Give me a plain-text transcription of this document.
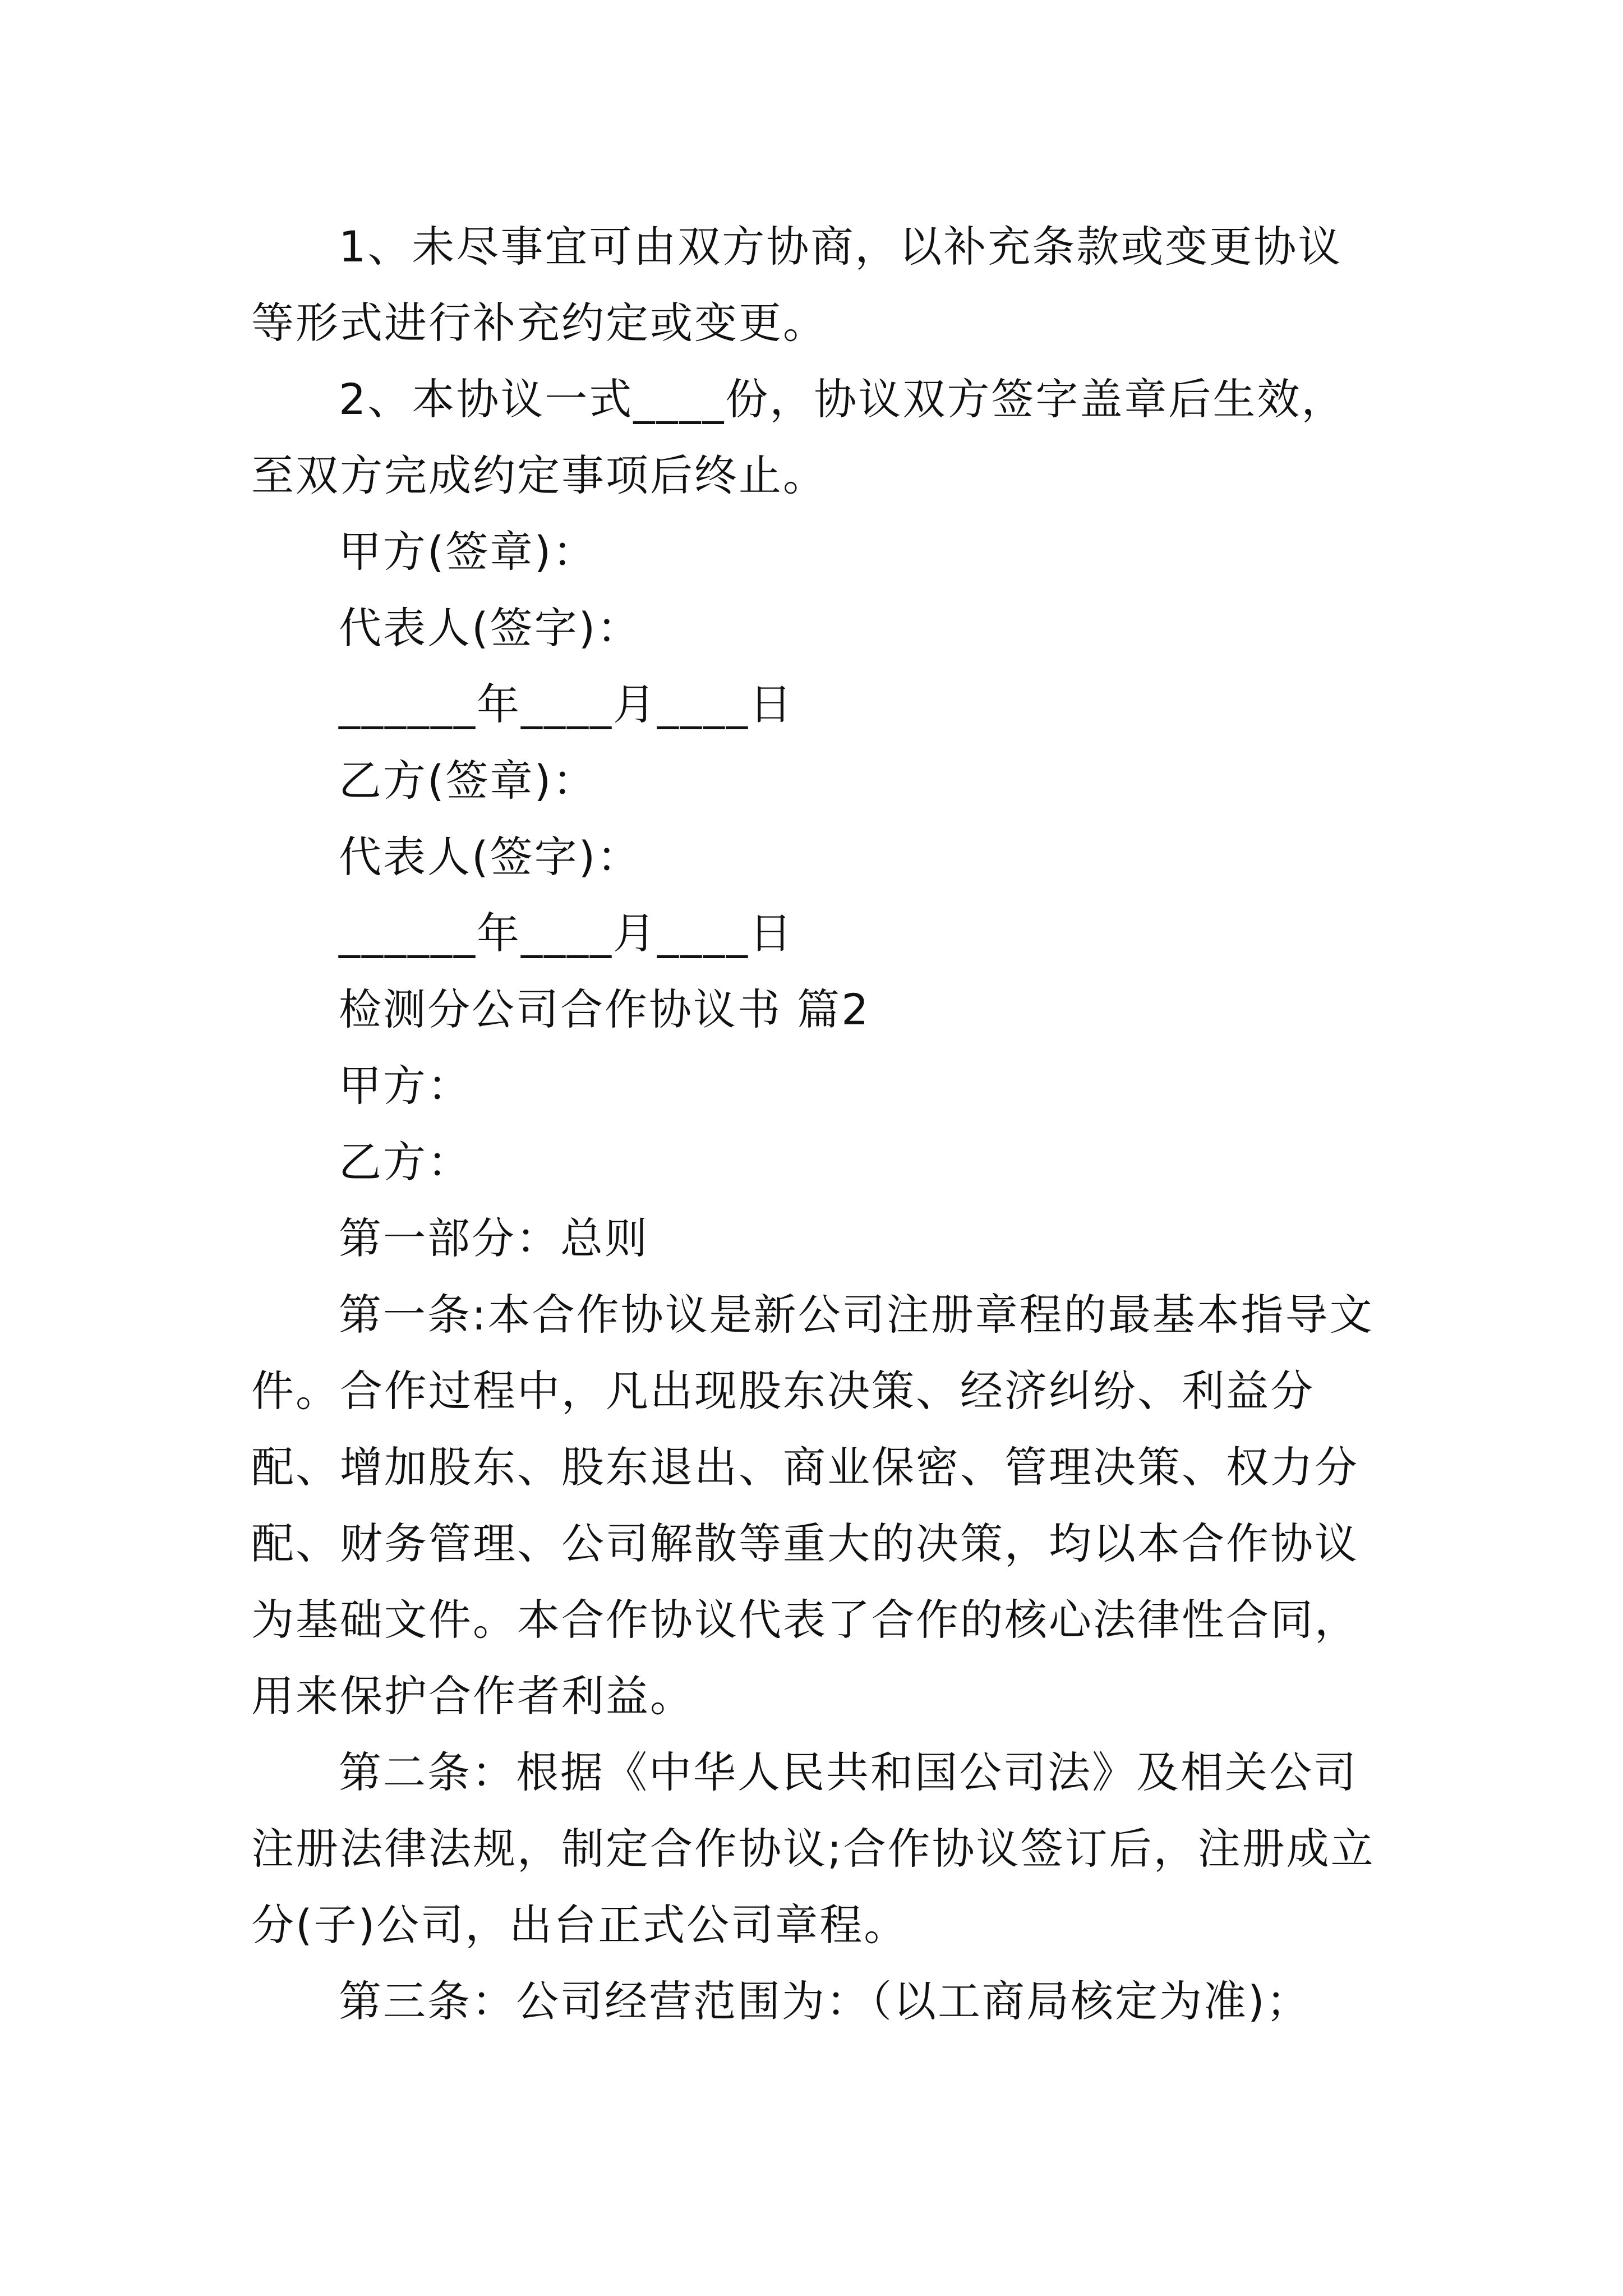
1、未尽事宜可由双方协商，以补充条款或变更协议等形式进行补充约定或变更。

2、本协议一式____份，协议双方签字盖章后生效，至双方完成约定事项后终止。

甲方(签章)：

代表人(签字)：

______年____月____日

乙方(签章)：

代表人(签字)：

______年____月____日

检测分公司合作协议书 篇2

甲方：

乙方：

第一部分：总则

第一条:本合作协议是新公司注册章程的最基本指导文件。合作过程中，凡出现股东决策、经济纠纷、利益分配、增加股东、股东退出、商业保密、管理决策、权力分配、财务管理、公司解散等重大的决策，均以本合作协议为基础文件。本合作协议代表了合作的核心法律性合同，用来保护合作者利益。

第二条：根据《中华人民共和国公司法》及相关公司注册法律法规，制定合作协议;合作协议签订后，注册成立 分(子)公司，出台正式公司章程。

第三条：公司经营范围为：（以工商局核定为准)；
